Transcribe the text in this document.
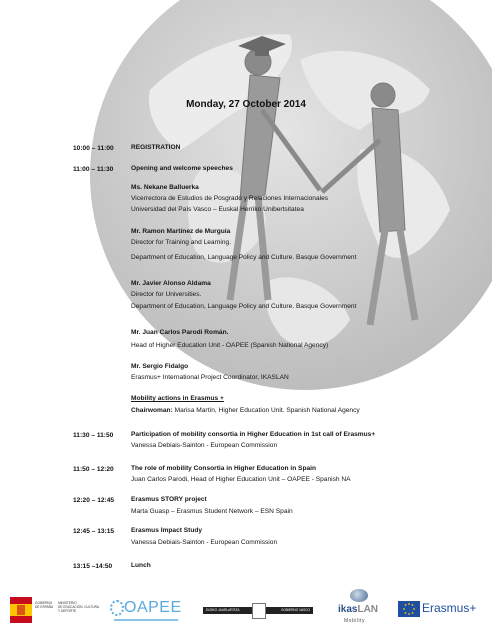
Monday, 27 October 2014
10:00 – 11:00	REGISTRATION
11:00 – 11:30	Opening and welcome speeches
Ms. Nekane Balluerka
Vicerrectora de Estudios de Posgrado y Relaciones Internacionales
Universidad del País Vasco – Euskal Herriko Unibertsitatea
Mr. Ramon Martínez de Murguía
Director for Training and Learning.
Department of Education, Language Policy and Culture. Basque Government
Mr. Javier Alonso Aldama
Director for Universities.
Department of Education, Language Policy and Culture. Basque Government
Mr. Juan Carlos Parodi Román.
Head of Higher Education Unit - OAPEE (Spanish National Agency)
Mr. Sergio Fidalgo
Erasmus+ International Project Coordinator, IKASLAN
Mobility actions in Erasmus +
Chairwoman: Marisa Martín, Higher Education Unit. Spanish National Agency
11:30 – 11:50	Participation of mobility consortia in Higher Education in 1st call of Erasmus+
Vanessa Debiais-Sainton - European Commission
11:50 – 12:20	The role of mobility Consortia in Higher Education in Spain
Juan Carlos Parodi, Head of Higher Education Unit – OAPEE - Spanish NA
12:20 – 12:45	Erasmus STORY project
Marta Guasp – Erasmus Student Network – ESN Spain
12:45 – 13:15	Erasmus Impact Study
Vanessa Debiais-Sainton - European Commission
13:15 –14:50	Lunch
GOBIERNO
DE ESPAÑA
MINISTERIO
DE EDUCACIÓN, CULTURA
Y DEPORTE	OAPEE	EUSKO JAURLARITZA	GOBIERNO VASCO	ikasLAN
Mobility
Erasmus+
